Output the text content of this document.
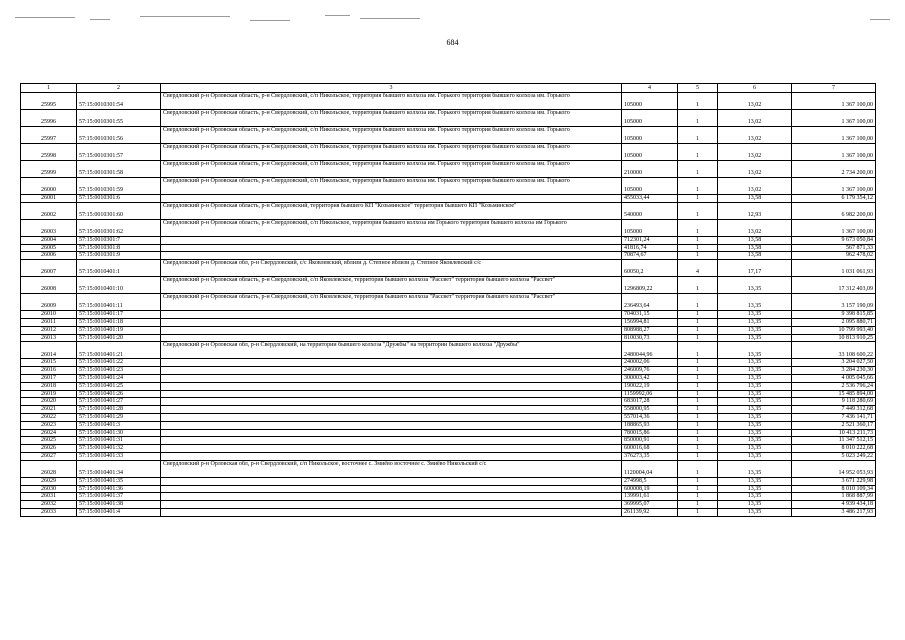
684
1	2	3	4	5	6	7
25995	57:15:0010301:54	Свердловский р-н Орловская область, р-н Свердловский, с/п Никольское, территория бывшего колхоза им. Горького территория бывшего колхоза им. Горького	105000	1	13,02	1 367 100,00
25996	57:15:0010301:55	Свердловский р-н Орловская область, р-н Свердловский, с/п Никольское, территория бывшего колхоза им. Горького территория бывшего колхоза им. Горького	105000	1	13,02	1 367 100,00
25997	57:15:0010301:56	Свердловский р-н Орловская область, р-н Свердловский, с/п Никольское, территория бывшего колхоза им. Горького территория бывшего колхоза им. Горького	105000	1	13,02	1 367 100,00
25998	57:15:0010301:57	Свердловский р-н Орловская область, р-н Свердловский, с/п Никольское, территория бывшего колхоза им. Горького территория бывшего колхоза им. Горького	105000	1	13,02	1 367 100,00
25999	57:15:0010301:58	Свердловский р-н Орловская область, р-н Свердловский, с/п Никольское, территория бывшего колхоза им. Горького территория бывшего колхоза им. Горького	210000	1	13,02	2 734 200,00
26000	57:15:0010301:59	Свердловский р-н Орловская область, р-н Свердловский, с/п Никольское, территория бывшего колхоза им. Горького территория бывшего колхоза им. Горького	105000	1	13,02	1 367 100,00
26001	57:15:0010301:6		455033,44	1	13,58	6 179 354,12
26002	57:15:0010301:60	Свердловский р-н Орловская область, р-н Свердловский, территория бывшего КП "Козьминское" территория бывшего КП "Козьминское"	540000	1	12,93	6 982 200,00
26003	57:15:0010301:62	Свердловский р-н Орловская область, р-н Свердловский, с/п Никольское, территория бывшего колхоза им Горького территория бывшего колхоза им Горького	105000	1	13,02	1 367 100,00
26004	57:15:0010301:7		712301,24	1	13,58	9 673 050,84
26005	57:15:0010301:8		41816,74	1	13,58	567 871,33
26006	57:15:0010301:9		70874,67	1	13,58	962 478,02
26007	57:15:0010401:1	Свердловский р-н Орловская обл, р-н Свердловский, с/с Яковлевский, вблизи д. Степное вблизи д. Степное Яковлевский с/с	60050,2	4	17,17	1 031 061,93
26008	57:15:0010401:10	Свердловский р-н Орловская область, р-н Свердловский, с/п Яковлевское, территория бывшего колхоза "Рассвет" территория бывшего колхоза "Рассвет"	1296809,22	1	13,35	17 312 403,09
26009	57:15:0010401:11	Свердловский р-н Орловская область, р-н Свердловский, с/п Яковлевское, территория бывшего колхоза "Рассвет" территория бывшего колхоза "Рассвет"	236493,64	1	13,35	3 157 190,09
26010	57:15:0010401:17		704031,15	1	13,35	9 398 815,85
26011	57:15:0010401:18		156994,81	1	13,35	2 095 880,71
26012	57:15:0010401:19		808988,27	1	13,35	10 799 993,40
26013	57:15:0010401:20		810030,73	1	13,35	10 813 910,25
26014	57:15:0010401:21	Свердловский р-н Орловская обл, р-н Свердловский, на территории бывшего колхоза "Дружбы" на территории бывшего колхоза "Дружбы"	2480044,96	1	13,35	33 108 600,22
26015	57:15:0010401:22		240002,06	1	13,35	3 204 027,50
26016	57:15:0010401:23		246009,76	1	13,35	3 284 230,30
26017	57:15:0010401:24		300003,42	1	13,35	4 005 045,66
26018	57:15:0010401:25		190022,19	1	13,35	2 536 796,24
26019	57:15:0010401:26		1159992,06	1	13,35	15 485 894,00
26020	57:15:0010401:27		683017,28	1	13,35	9 118 280,69
26021	57:15:0010401:28		558000,95	1	13,35	7 449 312,68
26022	57:15:0010401:29		557014,36	1	13,35	7 436 141,71
26023	57:15:0010401:3		188865,93	1	13,35	2 521 360,17
26024	57:15:0010401:30		780015,86	1	13,35	10 413 211,73
26025	57:15:0010401:31		850000,91	1	13,35	11 347 512,15
26026	57:15:0010401:32		600016,68	1	13,35	8 010 222,68
26027	57:15:0010401:33		376273,35	1	13,35	5 023 249,22
26028	57:15:0010401:34	Свердловский р-н Орловская обл, р-н Свердловский, с/п Никольское, восточнее с. Змиёво восточнее с. Змиёво Никольский с/с	1120004,04	1	13,35	14 952 053,93
26029	57:15:0010401:35		274998,5	1	13,35	3 671 229,98
26030	57:15:0010401:36		600008,19	1	13,35	8 010 109,34
26031	57:15:0010401:37		139991,61	1	13,35	1 868 887,99
26032	57:15:0010401:38		369995,07	1	13,35	4 939 434,18
26033	57:15:0010401:4		261139,92	1	13,35	3 486 217,93
